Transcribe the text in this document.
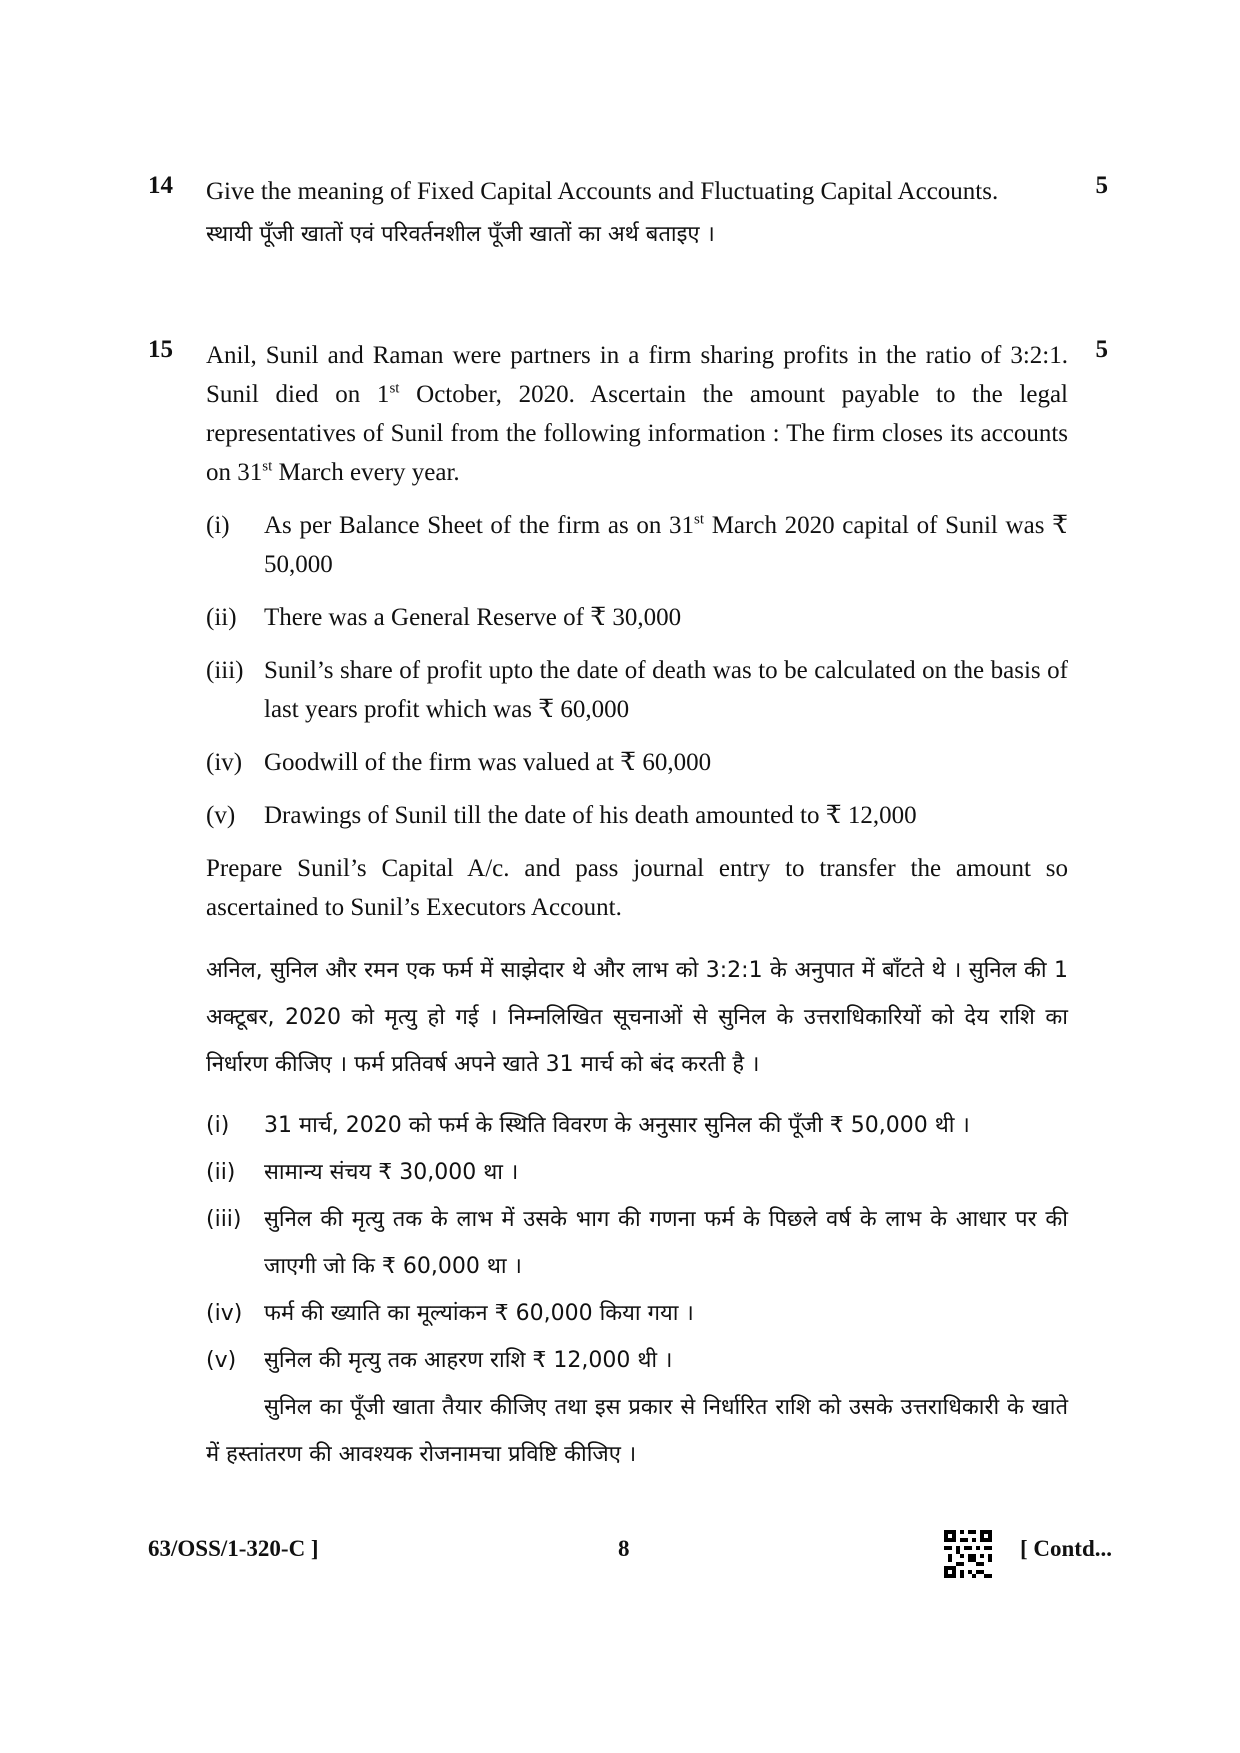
14	5

Give the meaning of Fixed Capital Accounts and Fluctuating Capital Accounts.

स्थायी पूँजी खातों एवं परिवर्तनशील पूँजी खातों का अर्थ बताइए ।

15	5

Anil, Sunil and Raman were partners in a firm sharing profits in the ratio of 3:2:1. Sunil died on 1st October, 2020. Ascertain the amount payable to the legal representatives of Sunil from the following information : The firm closes its accounts on 31st March every year.

(i) As per Balance Sheet of the firm as on 31st March 2020 capital of Sunil was ₹ 50,000

(ii) There was a General Reserve of ₹ 30,000

(iii) Sunil’s share of profit upto the date of death was to be calculated on the basis of last years profit which was ₹ 60,000

(iv) Goodwill of the firm was valued at ₹ 60,000

(v) Drawings of Sunil till the date of his death amounted to ₹ 12,000

Prepare Sunil’s Capital A/c. and pass journal entry to transfer the amount so ascertained to Sunil’s Executors Account.

अनिल, सुनिल और रमन एक फर्म में साझेदार थे और लाभ को 3:2:1 के अनुपात में बाँटते थे । सुनिल की 1 अक्टूबर, 2020 को मृत्यु हो गई । निम्नलिखित सूचनाओं से सुनिल के उत्तराधिकारियों को देय राशि का निर्धारण कीजिए । फर्म प्रतिवर्ष अपने खाते 31 मार्च को बंद करती है ।

(i) 31 मार्च, 2020 को फर्म के स्थिति विवरण के अनुसार सुनिल की पूँजी ₹ 50,000 थी ।

(ii) सामान्य संचय ₹ 30,000 था ।

(iii) सुनिल की मृत्यु तक के लाभ में उसके भाग की गणना फर्म के पिछले वर्ष के लाभ के आधार पर की जाएगी जो कि ₹ 60,000 था ।

(iv) फर्म की ख्याति का मूल्यांकन ₹ 60,000 किया गया ।

(v) सुनिल की मृत्यु तक आहरण राशि ₹ 12,000 थी ।

सुनिल का पूँजी खाता तैयार कीजिए तथा इस प्रकार से निर्धारित राशि को उसके उत्तराधिकारी के खाते में हस्तांतरण की आवश्यक रोजनामचा प्रविष्टि कीजिए ।

63/OSS/1-320-C ]	8	[ Contd...
